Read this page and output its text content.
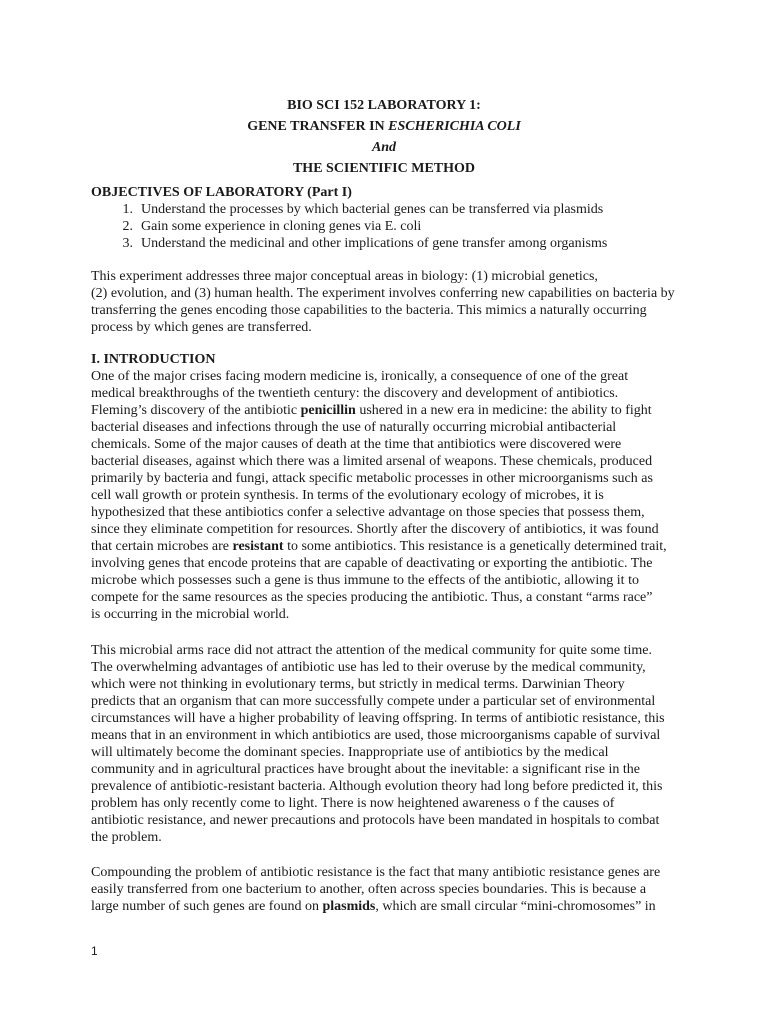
BIO SCI 152 LABORATORY 1:
GENE TRANSFER IN ESCHERICHIA COLI
And
THE SCIENTIFIC METHOD
OBJECTIVES OF LABORATORY (Part I)
1. Understand the processes by which bacterial genes can be transferred via plasmids
2. Gain some experience in cloning genes via E. coli
3. Understand the medicinal and other implications of gene transfer among organisms
This experiment addresses three major conceptual areas in biology: (1) microbial genetics,
(2) evolution, and (3) human health. The experiment involves conferring new capabilities on bacteria by
transferring the genes encoding those capabilities to the bacteria. This mimics a naturally occurring
process by which genes are transferred.
I. INTRODUCTION
One of the major crises facing modern medicine is, ironically, a consequence of one of the great
medical breakthroughs of the twentieth century: the discovery and development of antibiotics.
Fleming’s discovery of the antibiotic penicillin ushered in a new era in medicine: the ability to fight
bacterial diseases and infections through the use of naturally occurring microbial antibacterial
chemicals. Some of the major causes of death at the time that antibiotics were discovered were
bacterial diseases, against which there was a limited arsenal of weapons. These chemicals, produced
primarily by bacteria and fungi, attack specific metabolic processes in other microorganisms such as
cell wall growth or protein synthesis. In terms of the evolutionary ecology of microbes, it is
hypothesized that these antibiotics confer a selective advantage on those species that possess them,
since they eliminate competition for resources. Shortly after the discovery of antibiotics, it was found
that certain microbes are resistant to some antibiotics. This resistance is a genetically determined trait,
involving genes that encode proteins that are capable of deactivating or exporting the antibiotic. The
microbe which possesses such a gene is thus immune to the effects of the antibiotic, allowing it to
compete for the same resources as the species producing the antibiotic. Thus, a constant “arms race”
is occurring in the microbial world.
This microbial arms race did not attract the attention of the medical community for quite some time.
The overwhelming advantages of antibiotic use has led to their overuse by the medical community,
which were not thinking in evolutionary terms, but strictly in medical terms. Darwinian Theory
predicts that an organism that can more successfully compete under a particular set of environmental
circumstances will have a higher probability of leaving offspring. In terms of antibiotic resistance, this
means that in an environment in which antibiotics are used, those microorganisms capable of survival
will ultimately become the dominant species. Inappropriate use of antibiotics by the medical
community and in agricultural practices have brought about the inevitable: a significant rise in the
prevalence of antibiotic-resistant bacteria. Although evolution theory had long before predicted it, this
problem has only recently come to light. There is now heightened awareness o f the causes of
antibiotic resistance, and newer precautions and protocols have been mandated in hospitals to combat
the problem.
Compounding the problem of antibiotic resistance is the fact that many antibiotic resistance genes are
easily transferred from one bacterium to another, often across species boundaries. This is because a
large number of such genes are found on plasmids, which are small circular “mini-chromosomes” in
1
